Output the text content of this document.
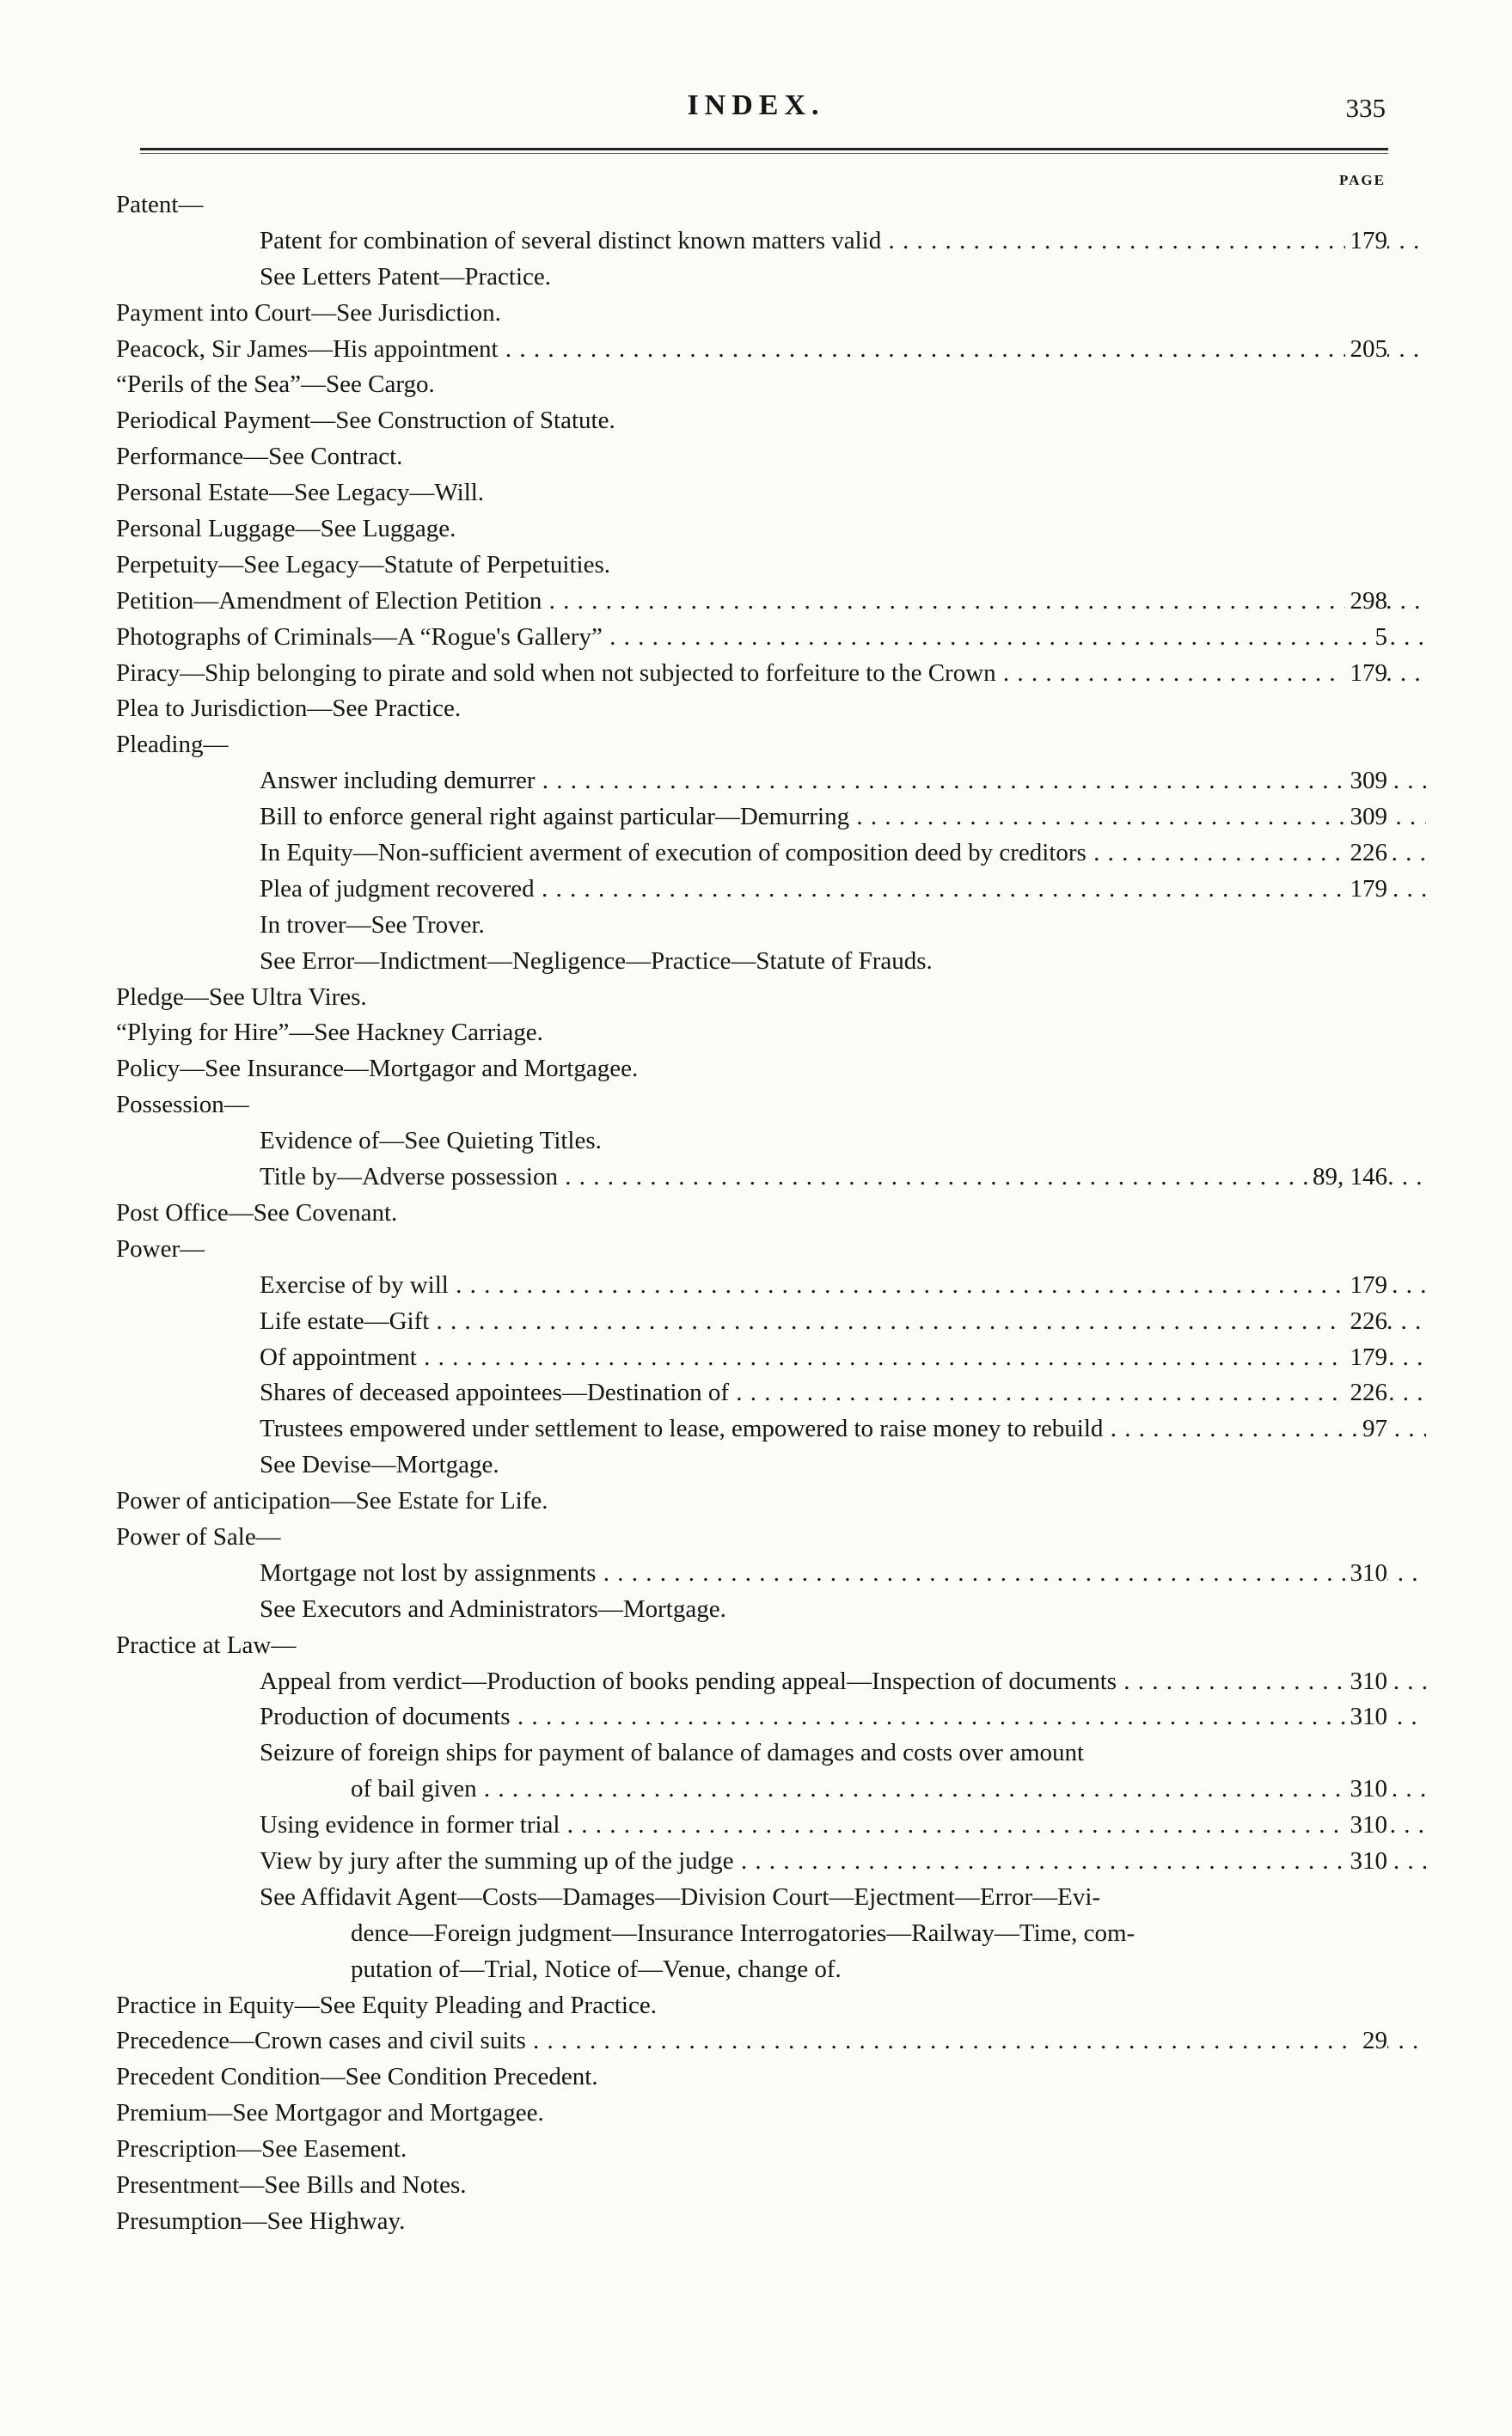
INDEX.	335
PAGE
Patent—
Patent for combination of several distinct known matters valid . . .	179
See Letters Patent—Practice.
Payment into Court—See Jurisdiction.
Peacock, Sir James—His appointment . . .	205
“Perils of the Sea”—See Cargo.
Periodical Payment—See Construction of Statute.
Performance—See Contract.
Personal Estate—See Legacy—Will.
Personal Luggage—See Luggage.
Perpetuity—See Legacy—Statute of Perpetuities.
Petition—Amendment of Election Petition . . .	298
Photographs of Criminals—A “Rogue's Gallery” . . .	5
Piracy—Ship belonging to pirate and sold when not subjected to forfeiture to the Crown . . .	179
Plea to Jurisdiction—See Practice.
Pleading—
Answer including demurrer . . .	309
Bill to enforce general right against particular—Demurring . . .	309
In Equity—Non-sufficient averment of execution of composition deed by creditors . . .	226
Plea of judgment recovered . . .	179
In trover—See Trover.
See Error—Indictment—Negligence—Practice—Statute of Frauds.
Pledge—See Ultra Vires.
“Plying for Hire”—See Hackney Carriage.
Policy—See Insurance—Mortgagor and Mortgagee.
Possession—
Evidence of—See Quieting Titles.
Title by—Adverse possession . . .	89, 146
Post Office—See Covenant.
Power—
Exercise of by will . . .	179
Life estate—Gift . . .	226
Of appointment . . .	179
Shares of deceased appointees—Destination of . . .	226
Trustees empowered under settlement to lease, empowered to raise money to rebuild . . .	97
See Devise—Mortgage.
Power of anticipation—See Estate for Life.
Power of Sale—
Mortgage not lost by assignments . . .	310
See Executors and Administrators—Mortgage.
Practice at Law—
Appeal from verdict—Production of books pending appeal—Inspection of documents . . .	310
Production of documents . . .	310
Seizure of foreign ships for payment of balance of damages and costs over amount
of bail given . . .	310
Using evidence in former trial . . .	310
View by jury after the summing up of the judge . . .	310
See Affidavit Agent—Costs—Damages—Division Court—Ejectment—Error—Evi-
dence—Foreign judgment—Insurance Interrogatories—Railway—Time, com-
putation of—Trial, Notice of—Venue, change of.
Practice in Equity—See Equity Pleading and Practice.
Precedence—Crown cases and civil suits . . .	29
Precedent Condition—See Condition Precedent.
Premium—See Mortgagor and Mortgagee.
Prescription—See Easement.
Presentment—See Bills and Notes.
Presumption—See Highway.
